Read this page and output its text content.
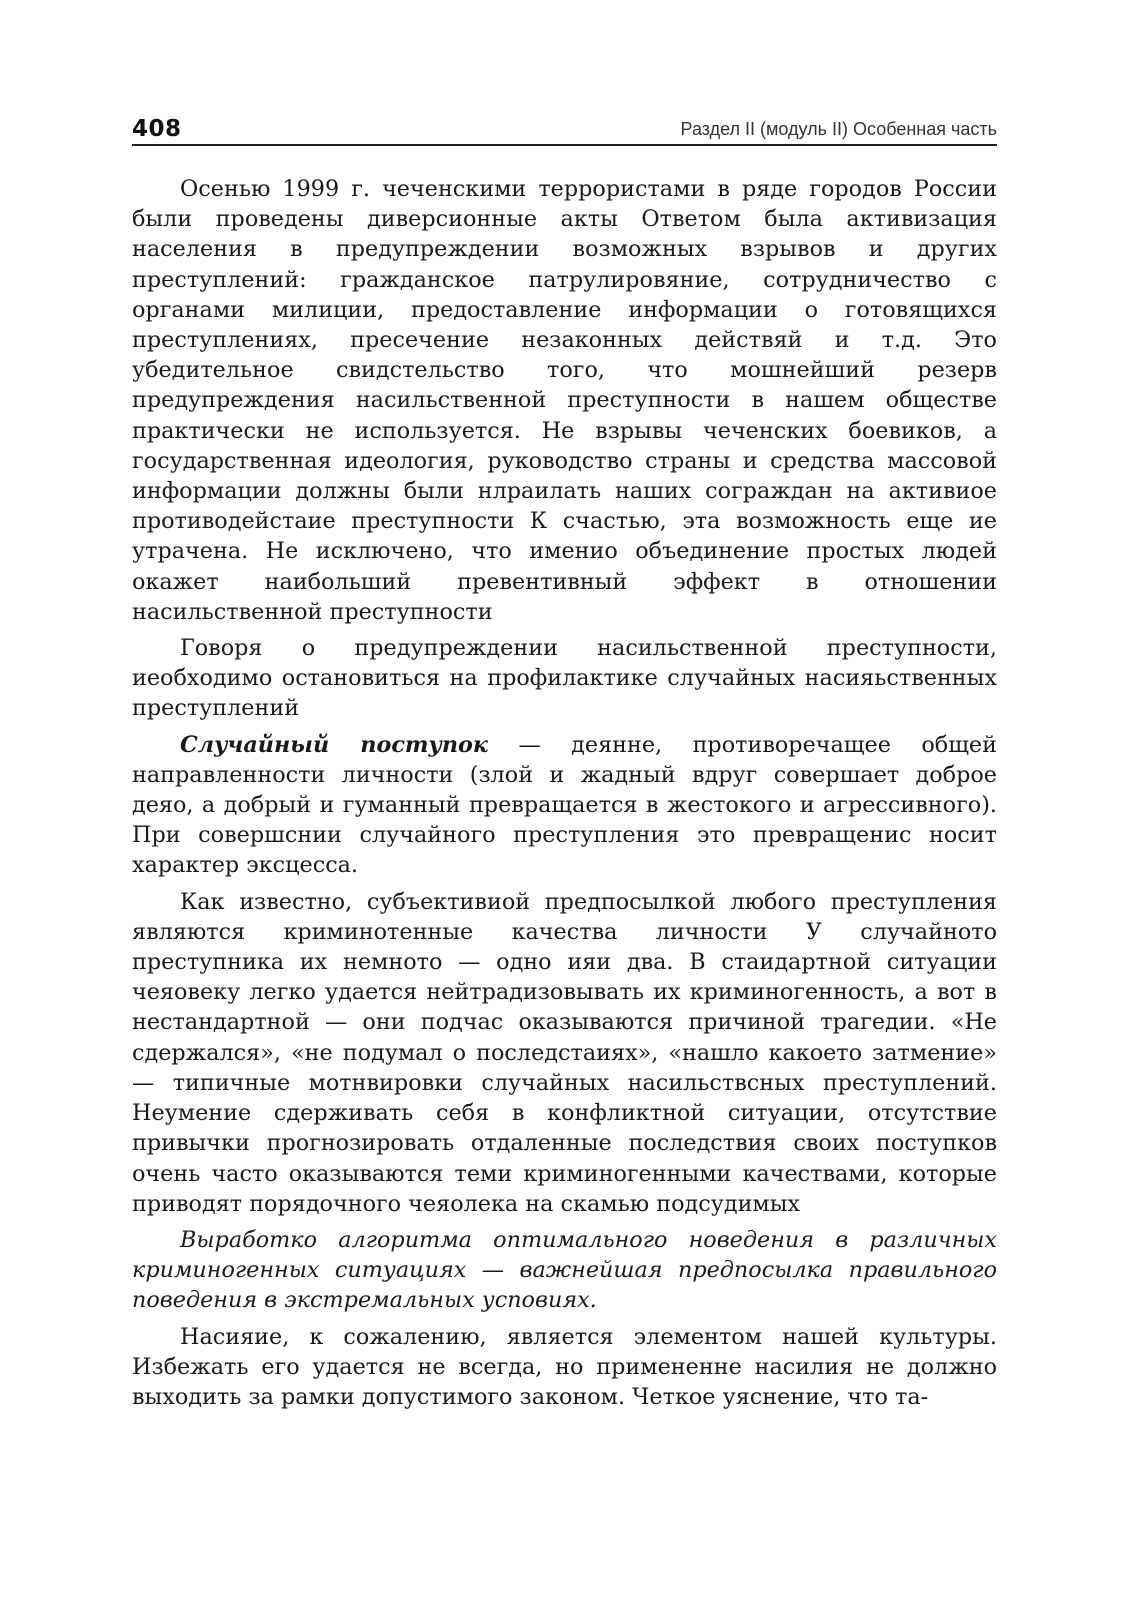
408	Раздел II (модуль II) Особенная часть

Осенью 1999 г. чеченскими террористами в ряде городов России были проведены диверсионные акты Ответом была активизация населения в предупреждении возможных взрывов и других преступлений: гражданское патрулировяние, сотрудничество с органами милиции, предоставление информации о готовящихся преступлениях, пресечение незаконных действяй и т.д. Это убедительное свидстельство того, что мошнейший резерв предупреждения насильственной преступности в нашем обществе практически не используется. Не взрывы чеченских боевиков, а государственная идеология, руководство страны и средства массовой информации должны были нлраилать наших сограждан на активиое противодейстаие преступности К счастью, эта возможность еще ие утрачена. Не исключено, что имениo объединение простых людей окажет наибольший превентивный эффект в отношении насильственной преступности

Говоря о предупреждении насильственной преступности, иеобходимо остановиться на профилактике случайных насияьственных преступлений

Случайный поступок — деянне, противоречащее общей направленности личности (злой и жадный вдруг совершает доброе деяо, а добрый и гуманный превращается в жестокого и агрессивного). При совершснии случайного преступления это превращенис носит характер эксцесса.

Как известно, субъективиой предпосылкой любого преступления являются криминотенные качества личности У случайнoто преступника их немнoто — одно ияи два. В стаидартной ситуации чеяовеку легко удается нейтрадизовывать их криминогенность, а вот в нестандартной — они подчас оказываются причиной трагедии. «Не сдержался», «не подумал о последстаиях», «нашло какоето затмение» — типичные мотнвировки случайных насильствсных преступлений. Неумение сдерживать себя в конфликтной ситуации, отсутствие привычки прогнозировать отдаленные последствия своих поступков очень часто оказываются теми криминогенными качествами, которые приводят порядочного чеяолека на скамью подсудимых

Выработко алгоритма оптимального новедения в различных криминогенных ситуациях — важнейшая предпосылка правильного поведения в экстремальных усповиях.

Насияие, к сожалению, является элементом нашей культуры. Избежать его удается не всегда, но примененне насилия не должно выходить за рамки допустимого законом. Четкое уяснение, что та-
